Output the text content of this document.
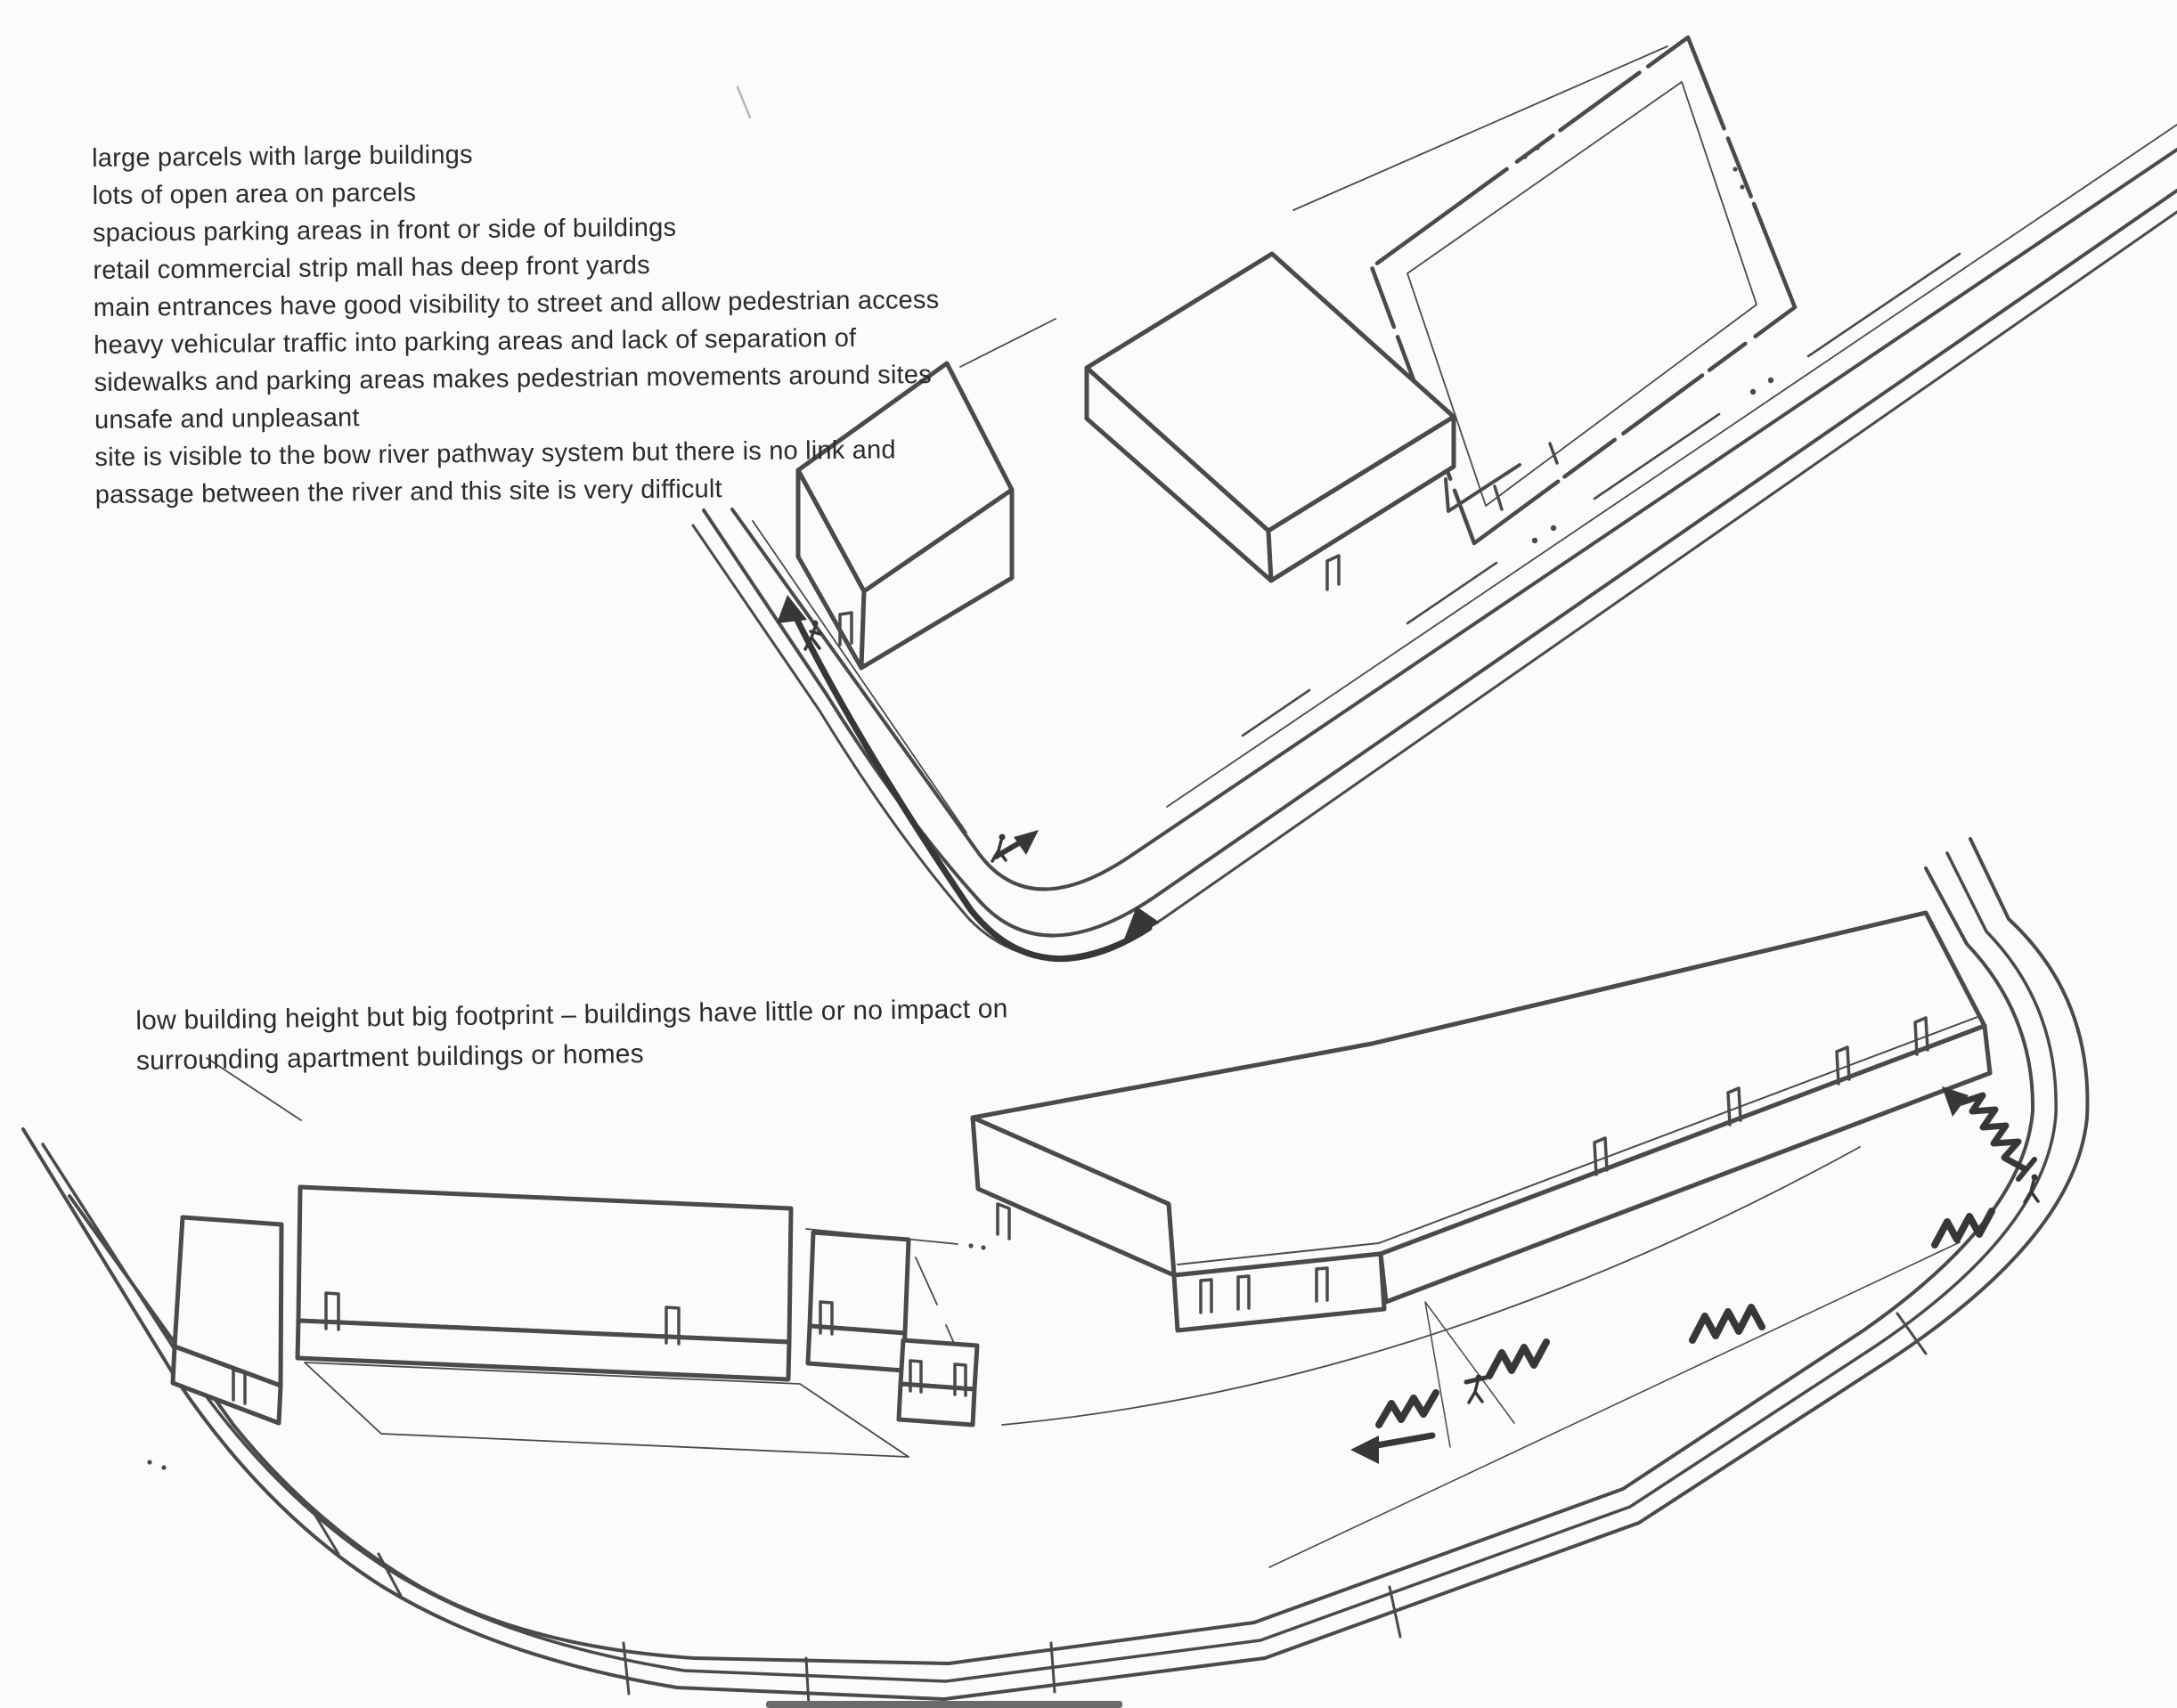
large parcels with large buildings
lots of open area on parcels
spacious parking areas in front or side of buildings
retail commercial strip mall has deep front yards
main entrances have good visibility to street and allow pedestrian access
heavy vehicular traffic into parking areas and lack of separation of
sidewalks and parking areas makes pedestrian movements around sites
unsafe and unpleasant
site is visible to the bow river pathway system but there is no link and
passage between the river and this site is very difficult
low building height but big footprint – buildings have little or no impact on
surrounding apartment buildings or homes
